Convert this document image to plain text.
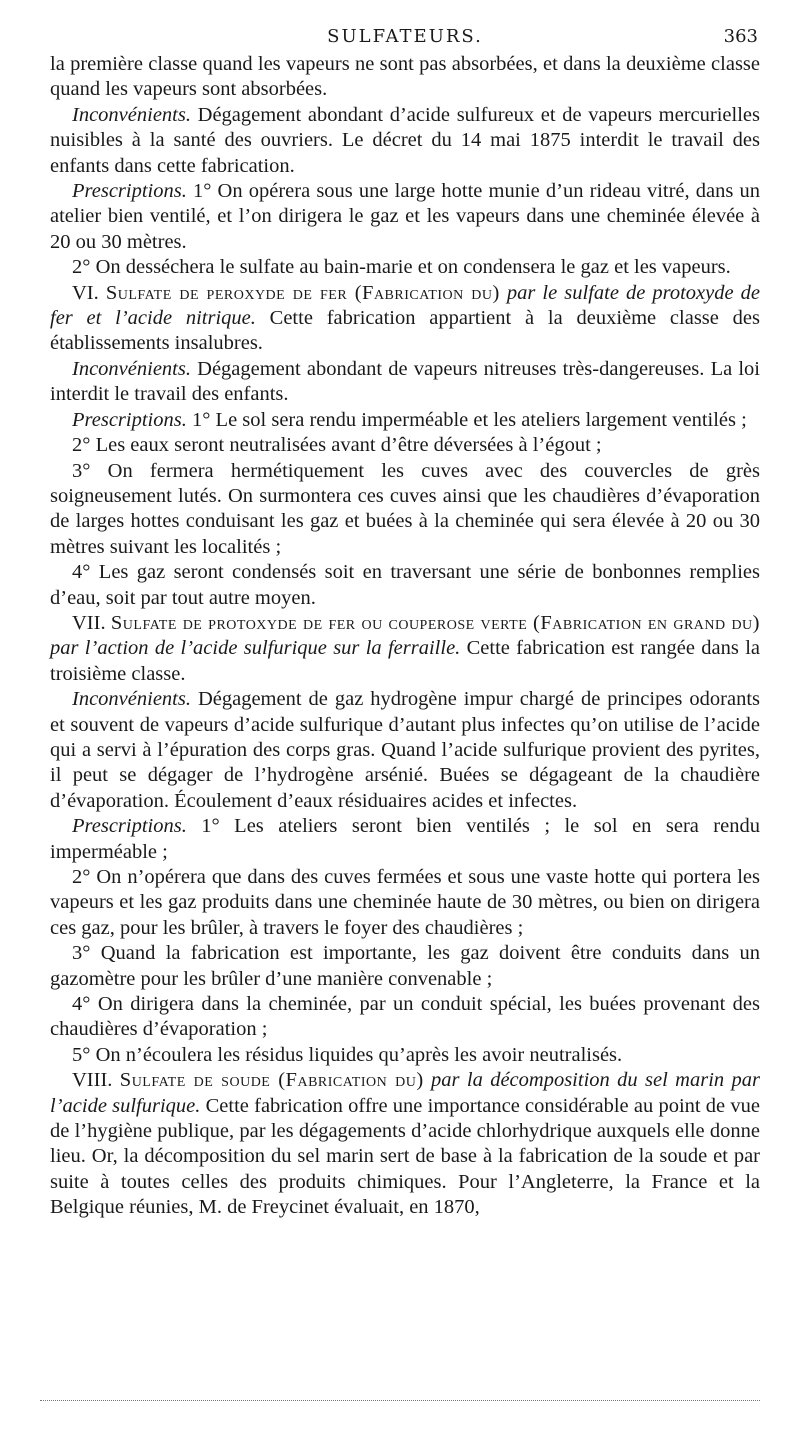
SULFATEURS.	363

la première classe quand les vapeurs ne sont pas absorbées, et dans la deuxième classe quand les vapeurs sont absorbées.

Inconvénients. Dégagement abondant d’acide sulfureux et de vapeurs mercurielles nuisibles à la santé des ouvriers. Le décret du 14 mai 1875 interdit le travail des enfants dans cette fabrication.

Prescriptions. 1° On opérera sous une large hotte munie d’un rideau vitré, dans un atelier bien ventilé, et l’on dirigera le gaz et les vapeurs dans une cheminée élevée à 20 ou 30 mètres.

2° On desséchera le sulfate au bain-marie et on condensera le gaz et les vapeurs.

VI. Sulfate de peroxyde de fer (Fabrication du) par le sulfate de protoxyde de fer et l’acide nitrique. Cette fabrication appartient à la deuxième classe des établissements insalubres.

Inconvénients. Dégagement abondant de vapeurs nitreuses très-dangereuses. La loi interdit le travail des enfants.

Prescriptions. 1° Le sol sera rendu imperméable et les ateliers largement ventilés ;

2° Les eaux seront neutralisées avant d’être déversées à l’égout ;

3° On fermera hermétiquement les cuves avec des couvercles de grès soigneusement lutés. On surmontera ces cuves ainsi que les chaudières d’évaporation de larges hottes conduisant les gaz et buées à la cheminée qui sera élevée à 20 ou 30 mètres suivant les localités ;

4° Les gaz seront condensés soit en traversant une série de bonbonnes remplies d’eau, soit par tout autre moyen.

VII. Sulfate de protoxyde de fer ou couperose verte (Fabrication en grand du) par l’action de l’acide sulfurique sur la ferraille. Cette fabrication est rangée dans la troisième classe.

Inconvénients. Dégagement de gaz hydrogène impur chargé de principes odorants et souvent de vapeurs d’acide sulfurique d’autant plus infectes qu’on utilise de l’acide qui a servi à l’épuration des corps gras. Quand l’acide sulfurique provient des pyrites, il peut se dégager de l’hydrogène arsénié. Buées se dégageant de la chaudière d’évaporation. Écoulement d’eaux résiduaires acides et infectes.

Prescriptions. 1° Les ateliers seront bien ventilés ; le sol en sera rendu imperméable ;

2° On n’opérera que dans des cuves fermées et sous une vaste hotte qui portera les vapeurs et les gaz produits dans une cheminée haute de 30 mètres, ou bien on dirigera ces gaz, pour les brûler, à travers le foyer des chaudières ;

3° Quand la fabrication est importante, les gaz doivent être conduits dans un gazomètre pour les brûler d’une manière convenable ;

4° On dirigera dans la cheminée, par un conduit spécial, les buées provenant des chaudières d’évaporation ;

5° On n’écoulera les résidus liquides qu’après les avoir neutralisés.

VIII. Sulfate de soude (Fabrication du) par la décomposition du sel marin par l’acide sulfurique. Cette fabrication offre une importance considérable au point de vue de l’hygiène publique, par les dégagements d’acide chlorhydrique auxquels elle donne lieu. Or, la décomposition du sel marin sert de base à la fabrication de la soude et par suite à toutes celles des produits chimiques. Pour l’Angleterre, la France et la Belgique réunies, M. de Freycinet évaluait, en 1870,
